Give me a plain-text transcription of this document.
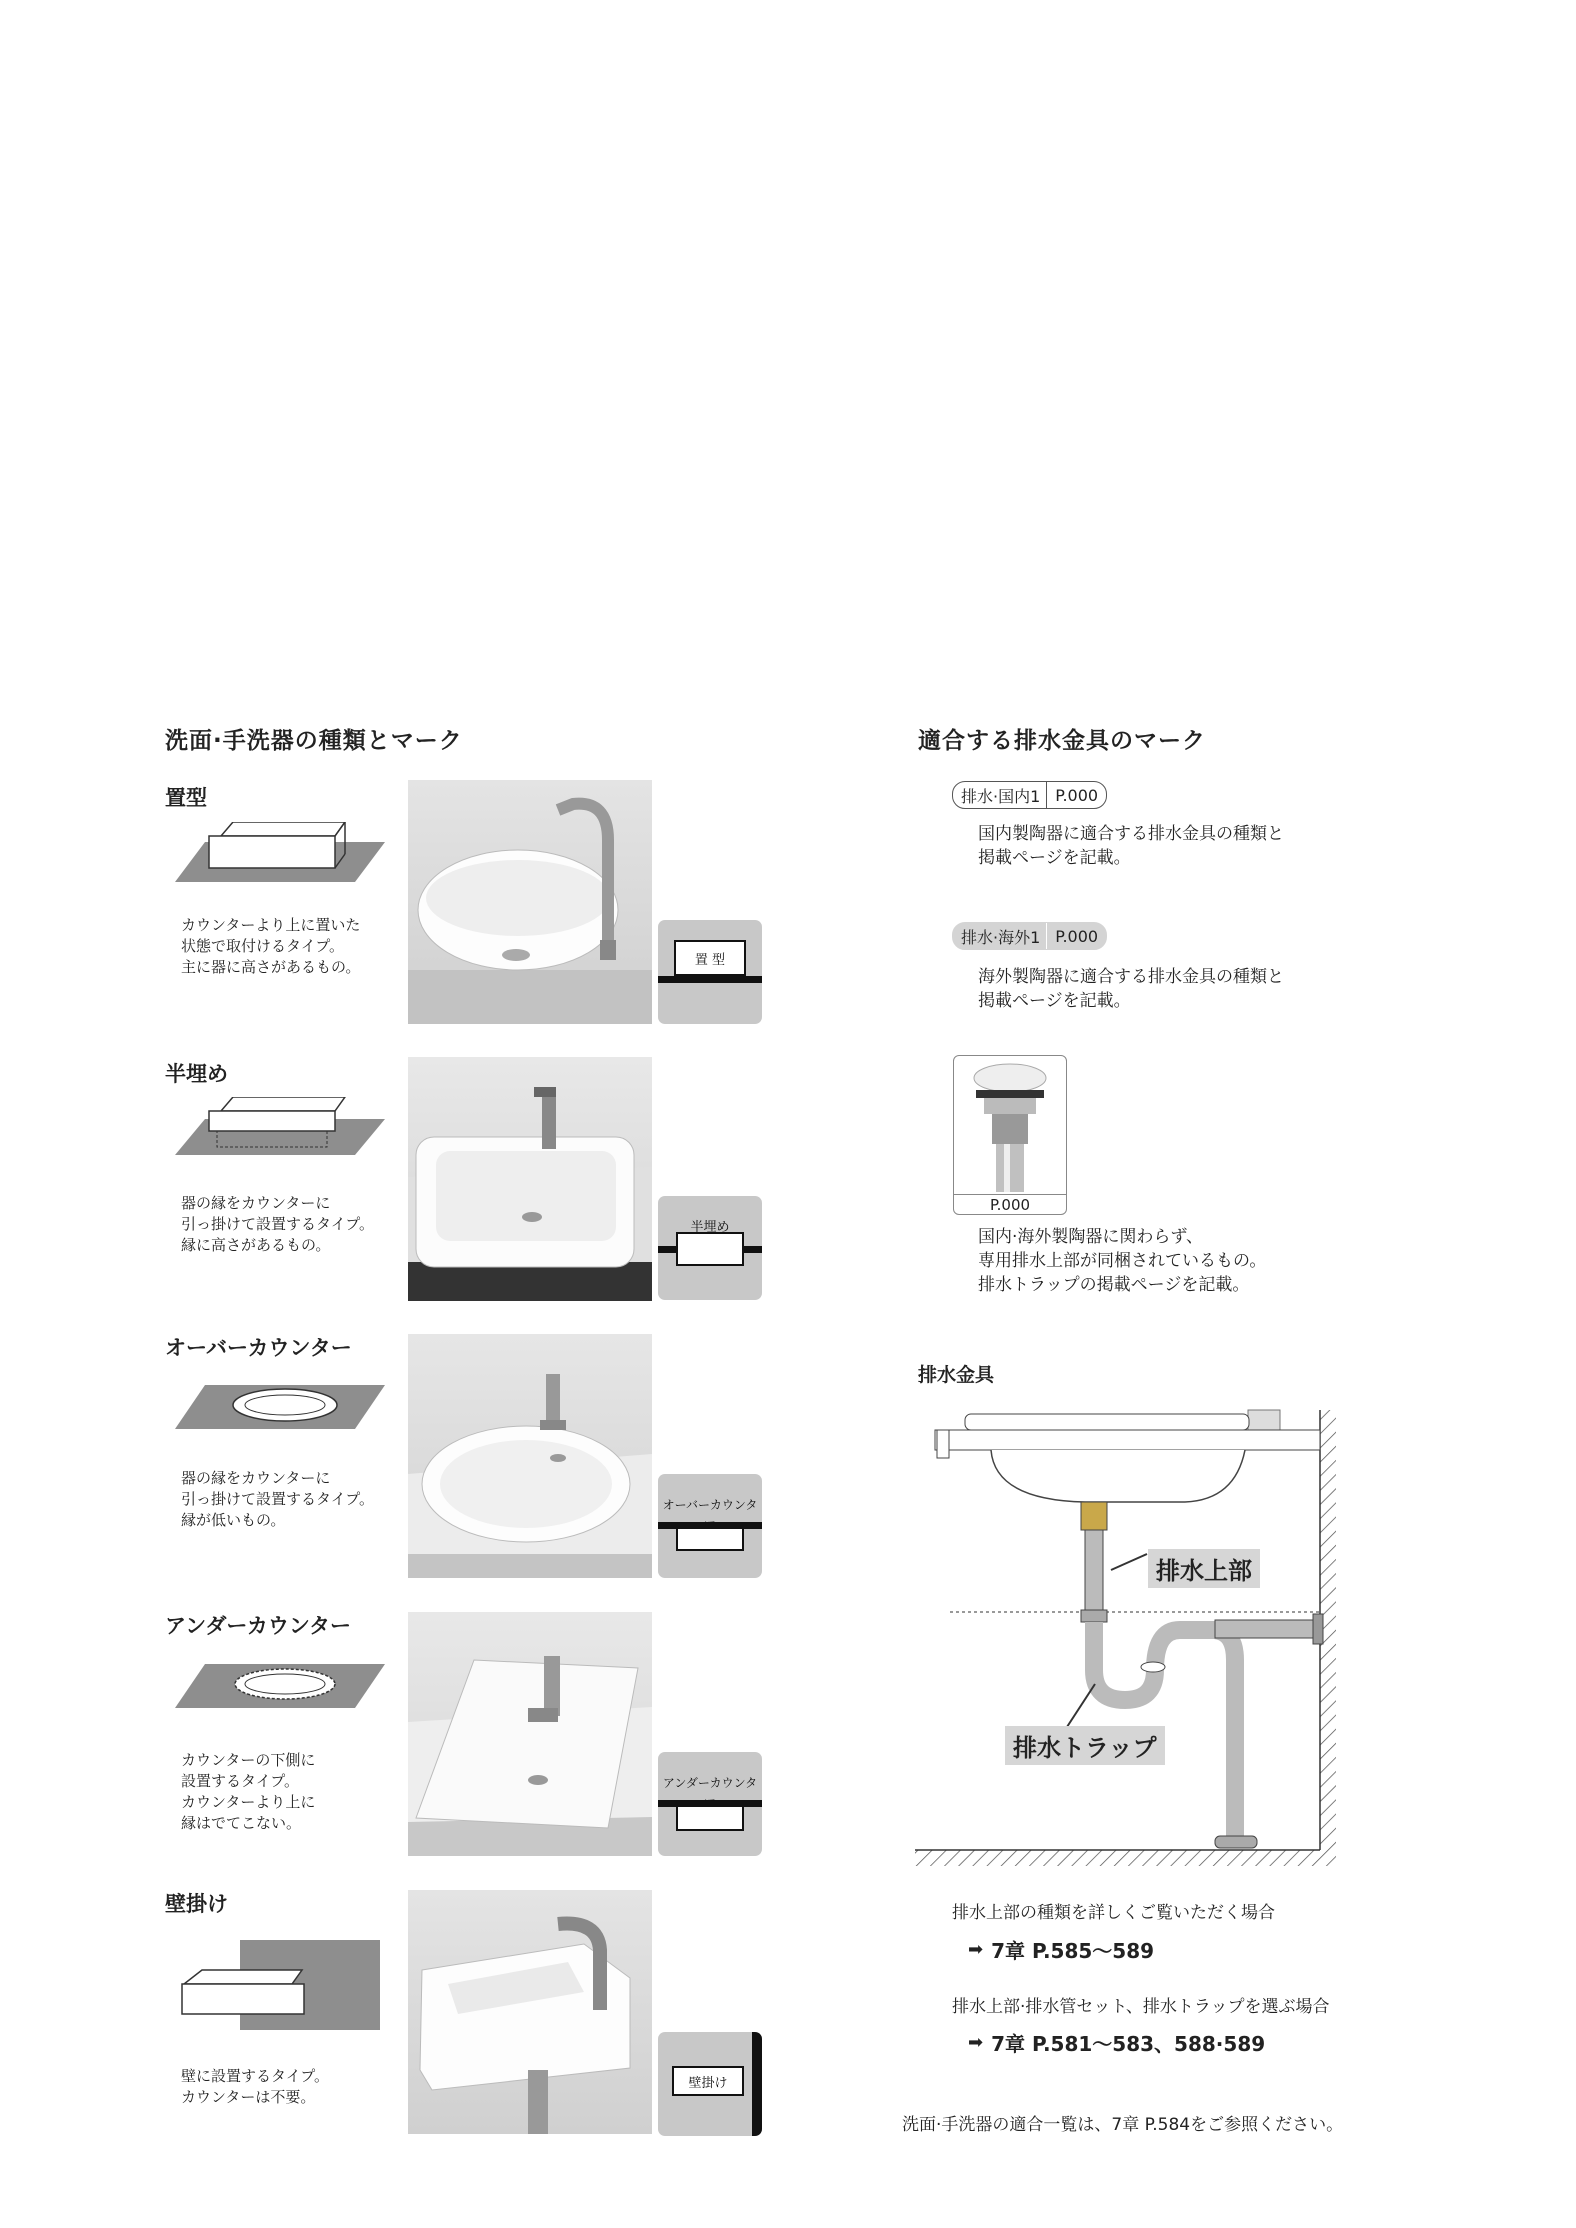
洗面·手洗器の種類とマーク
置型
カウンターより上に置いた
状態で取付けるタイプ。
主に器に高さがあるもの。	置 型
半埋め
器の縁をカウンターに
引っ掛けて設置するタイプ。
縁に高さがあるもの。
半埋め
オーバーカウンター
器の縁をカウンターに
引っ掛けて設置するタイプ。
縁が低いもの。
オーバーカウンター
アンダーカウンター
カウンターの下側に
設置するタイプ。
カウンターより上に
縁はでてこない。
アンダーカウンター
壁掛け
壁に設置するタイプ。
カウンターは不要。
壁掛け
適合する排水金具のマーク
排水·国内1 P.000
国内製陶器に適合する排水金具の種類と
掲載ページを記載。
排水·海外1 P.000
海外製陶器に適合する排水金具の種類と
掲載ページを記載。
P.000
国内·海外製陶器に関わらず、
専用排水上部が同梱されているもの。
排水トラップの掲載ページを記載。
排水金具
排水上部
排水トラップ
排水上部の種類を詳しくご覧いただく場合
➡ 7章 P.585〜589
排水上部·排水管セット、排水トラップを選ぶ場合
➡ 7章 P.581〜583、588·589
洗面·手洗器の適合一覧は、7章 P.584をご参照ください。
